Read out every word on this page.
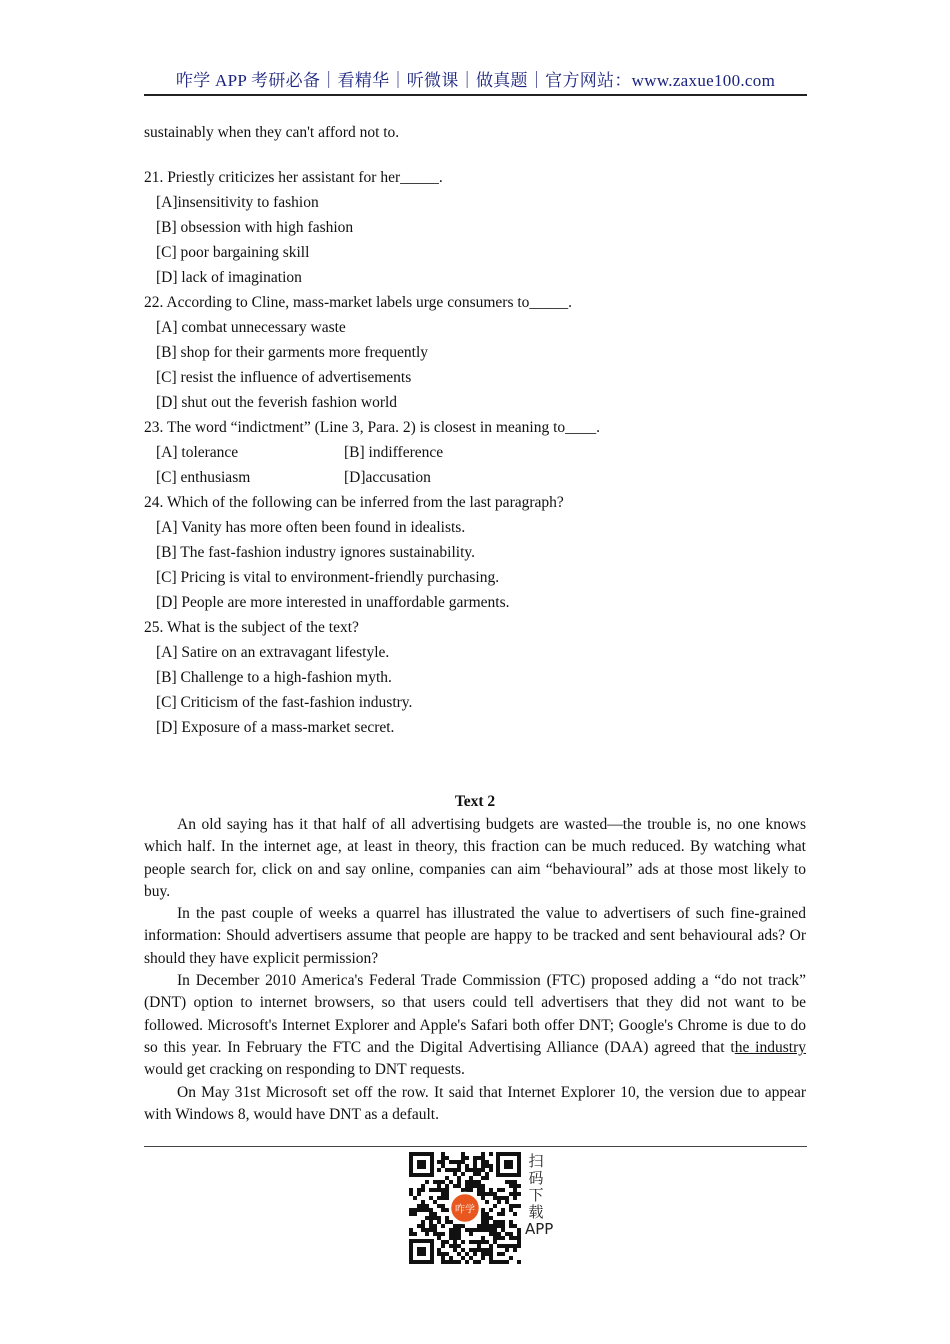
咋学 APP 考研必备｜看精华｜听微课｜做真题｜官方网站：www.zaxue100.com

sustainably when they can't afford not to.

21. Priestly criticizes her assistant for her_____.

[A]insensitivity to fashion

[B] obsession with high fashion

[C] poor bargaining skill

[D] lack of imagination

22. According to Cline, mass-market labels urge consumers to_____.

[A] combat unnecessary waste

[B] shop for their garments more frequently

[C] resist the influence of advertisements

[D] shut out the feverish fashion world

23. The word “indictment” (Line 3, Para. 2) is closest in meaning to____.

[A] tolerance	[B] indifference

[C] enthusiasm	[D]accusation

24. Which of the following can be inferred from the last paragraph?

[A] Vanity has more often been found in idealists.

[B] The fast-fashion industry ignores sustainability.

[C] Pricing is vital to environment-friendly purchasing.

[D] People are more interested in unaffordable garments.

25. What is the subject of the text?

[A] Satire on an extravagant lifestyle.

[B] Challenge to a high-fashion myth.

[C] Criticism of the fast-fashion industry.

[D] Exposure of a mass-market secret.

Text 2

An old saying has it that half of all advertising budgets are wasted—the trouble is, no one knows which half. In the internet age, at least in theory, this fraction can be much reduced. By watching what people search for, click on and say online, companies can aim “behavioural” ads at those most likely to buy.

In the past couple of weeks a quarrel has illustrated the value to advertisers of such fine-grained information: Should advertisers assume that people are happy to be tracked and sent behavioural ads? Or should they have explicit permission?

In December 2010 America's Federal Trade Commission (FTC) proposed adding a “do not track” (DNT) option to internet browsers, so that users could tell advertisers that they did not want to be followed. Microsoft's Internet Explorer and Apple's Safari both offer DNT; Google's Chrome is due to do so this year. In February the FTC and the Digital Advertising Alliance (DAA) agreed that the industry would get cracking on responding to DNT requests.

On May 31st Microsoft set off the row. It said that Internet Explorer 10, the version due to appear with Windows 8, would have DNT as a default.

咋学
扫码下载APP
